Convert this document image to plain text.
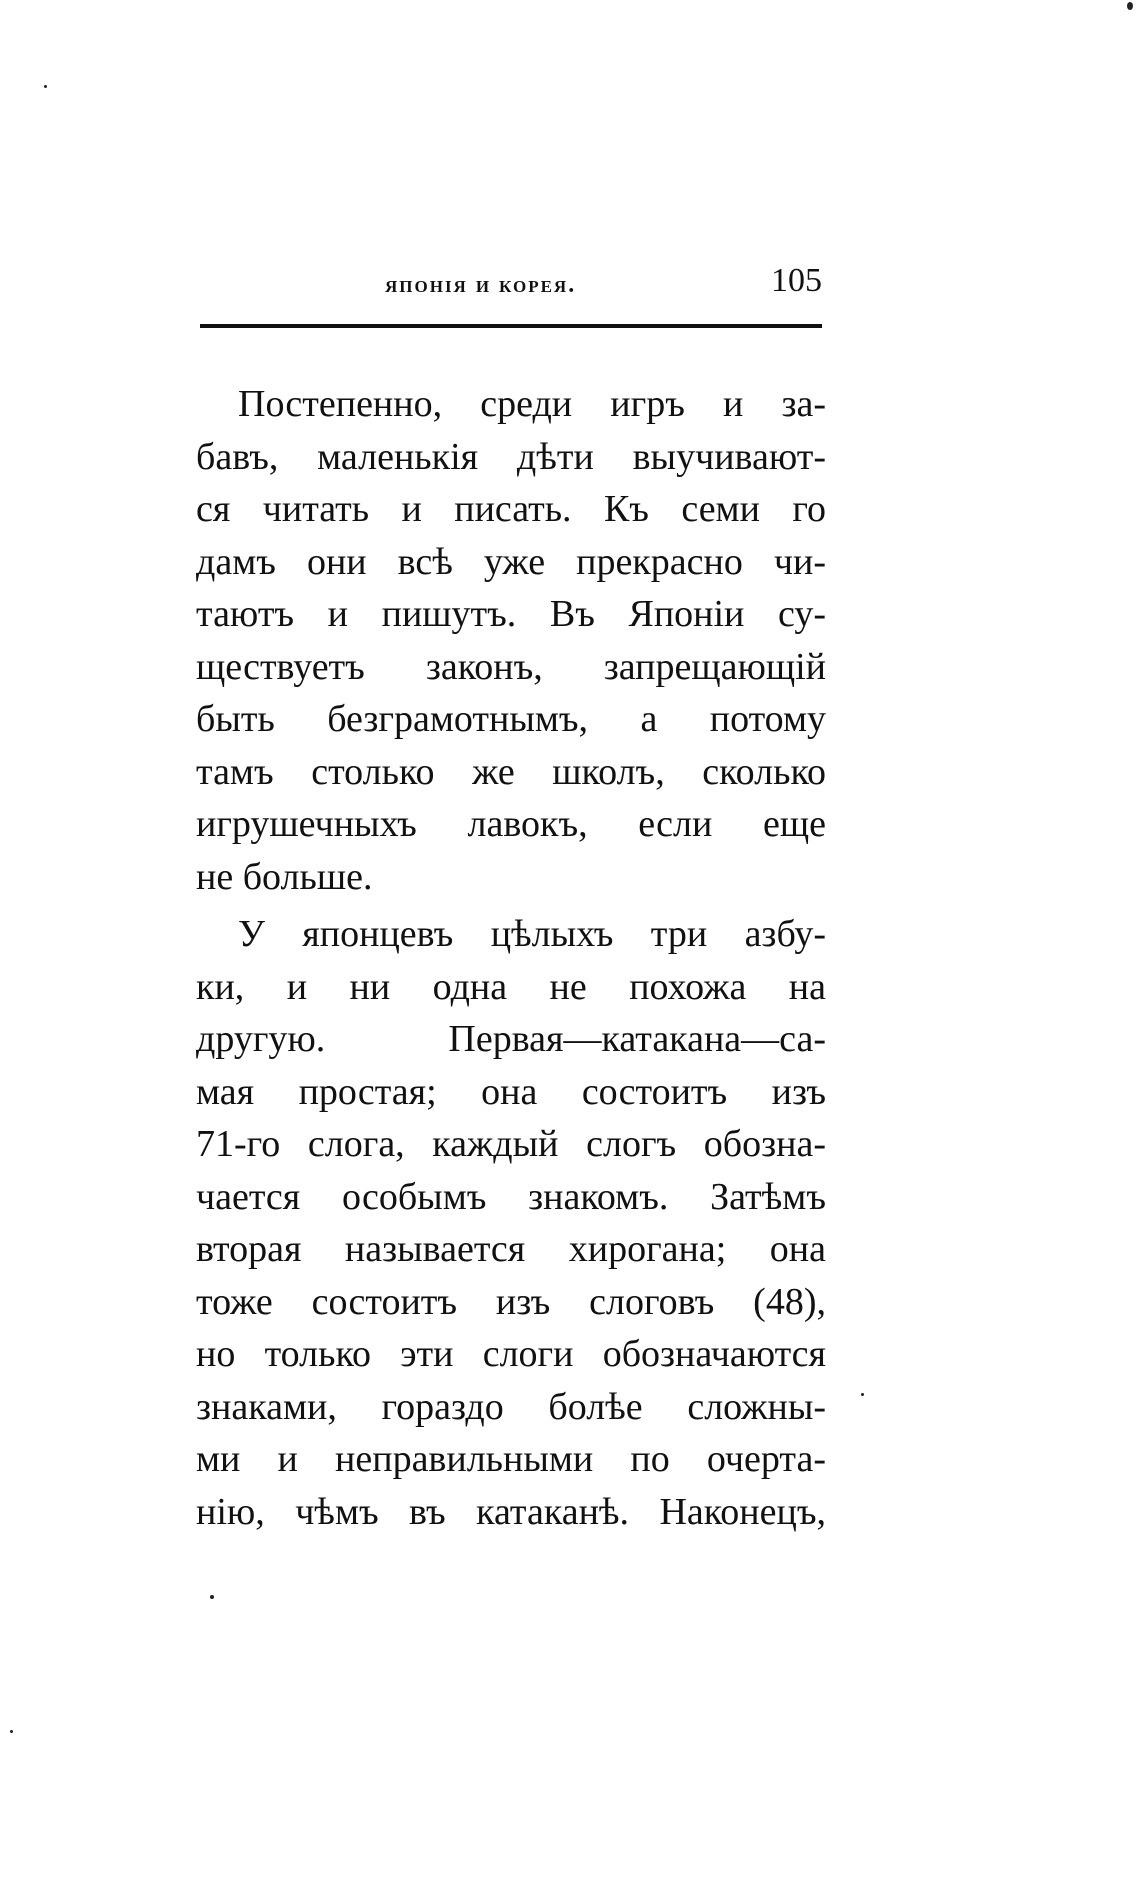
японія и корея.	105
Постепенно, среди игръ и за-
бавъ, маленькія дѣти выучивают-
ся читать и писать. Къ семи го
дамъ они всѣ уже прекрасно чи-
таютъ и пишутъ. Въ Японіи су-
ществуетъ законъ, запрещающій
быть безграмотнымъ, а потому
тамъ столько же школъ, сколько
игрушечныхъ лавокъ, если еще
не больше.
У японцевъ цѣлыхъ три азбу-
ки, и ни одна не похожа на
другую. Первая—катакана—са-
мая простая; она состоитъ изъ
71-го слога, каждый слогъ обозна-
чается особымъ знакомъ. Затѣмъ
вторая называется хирогана; она
тоже состоитъ изъ слоговъ (48),
но только эти слоги обозначаются
знаками, гораздо болѣе сложны-
ми и неправильными по очерта-
нію, чѣмъ въ катаканѣ. Наконецъ,
